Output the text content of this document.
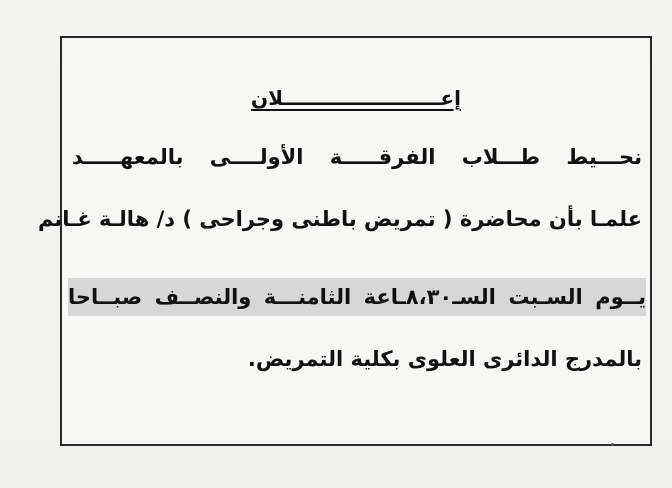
إعـــــــــــــــــــــــلان
نحـــيط طـــلاب الفرقـــــة الأولــــى بالمعهـــــد
علمـا بأن محاضرة ( تمريض باطنى وجراحى ) د/ هالـة غـانم
يــوم السـبت السـ٨،٣٠ـاعة الثامنـــة والنصــف صبــاحا
بالمدرج الدائرى العلوى بكلية التمريض.
